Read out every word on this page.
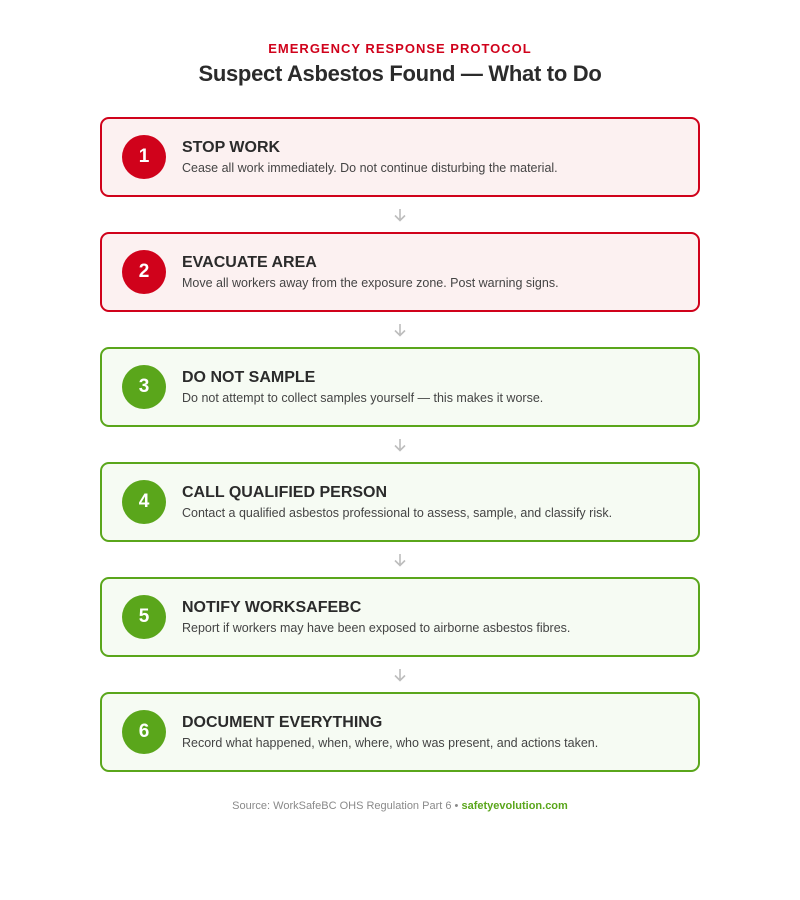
EMERGENCY RESPONSE PROTOCOL
Suspect Asbestos Found — What to Do
1	STOP WORK
Cease all work immediately. Do not continue disturbing the material.
2	EVACUATE AREA
Move all workers away from the exposure zone. Post warning signs.
3	DO NOT SAMPLE
Do not attempt to collect samples yourself — this makes it worse.
4	CALL QUALIFIED PERSON
Contact a qualified asbestos professional to assess, sample, and classify risk.
5	NOTIFY WORKSAFEBC
Report if workers may have been exposed to airborne asbestos fibres.
6	DOCUMENT EVERYTHING
Record what happened, when, where, who was present, and actions taken.
Source: WorkSafeBC OHS Regulation Part 6 • safetyevolution.com
